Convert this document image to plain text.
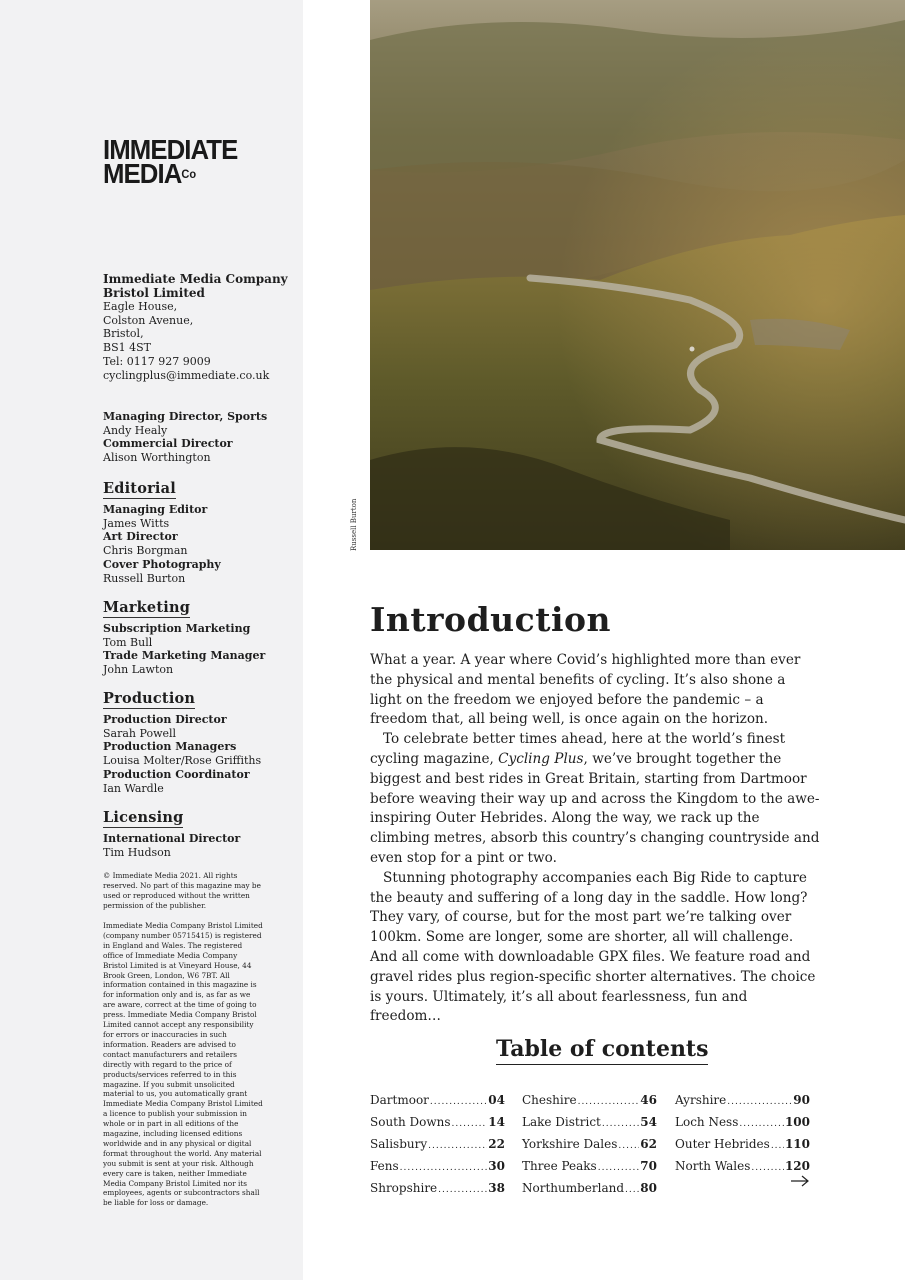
IMMEDIATE
$MEDIA^{Co}$
Immediate Media Company Bristol Limited
Eagle House,
Colston Avenue,
Bristol,
BS1 4ST
Tel: 0117 927 9009
cyclingplus@immediate.co.uk
Managing Director, Sports
Andy Healy
Commercial Director
Alison Worthington
Editorial
Managing Editor
James Witts
Art Director
Chris Borgman
Cover Photography
Russell Burton
Marketing
Subscription Marketing
Tom Bull
Trade Marketing Manager
John Lawton
Production
Production Director
Sarah Powell
Production Managers
Louisa Molter/Rose Griffiths
Production Coordinator
Ian Wardle
Licensing
International Director
Tim Hudson
© Immediate Media 2021. All rights reserved. No part of this magazine may be used or reproduced without the written permission of the publisher.
Immediate Media Company Bristol Limited (company number 05715415) is registered in England and Wales. The registered office of Immediate Media Company Bristol Limited is at Vineyard House, 44 Brook Green, London, W6 7BT. All information contained in this magazine is for information only and is, as far as we are aware, correct at the time of going to press. Immediate Media Company Bristol Limited cannot accept any responsibility for errors or inaccuracies in such information. Readers are advised to contact manufacturers and retailers directly with regard to the price of products/services referred to in this magazine. If you submit unsolicited material to us, you automatically grant Immediate Media Company Bristol Limited a licence to publish your submission in whole or in part in all editions of the magazine, including licensed editions worldwide and in any physical or digital format throughout the world. Any material you submit is sent at your risk. Although every care is taken, neither Immediate Media Company Bristol Limited nor its employees, agents or subcontractors shall be liable for loss or damage.
Russell Burton
Introduction

What a year. A year where Covid’s highlighted more than ever the physical and mental benefits of cycling. It’s also shone a light on the freedom we enjoyed before the pandemic – a freedom that, all being well, is once again on the horizon.

To celebrate better times ahead, here at the world’s finest cycling magazine, Cycling Plus, we’ve brought together the biggest and best rides in Great Britain, starting from Dartmoor before weaving their way up and across the Kingdom to the awe-inspiring Outer Hebrides. Along the way, we rack up the climbing metres, absorb this country’s changing countryside and even stop for a pint or two.

Stunning photography accompanies each Big Ride to capture the beauty and suffering of a long day in the saddle. How long? They vary, of course, but for the most part we’re talking over 100km. Some are longer, some are shorter, all will challenge. And all come with downloadable GPX files. We feature road and gravel rides plus region-specific shorter alternatives. The choice is yours. Ultimately, it’s all about fearlessness, fun and freedom…

Table of contents
Dartmoor .....	04
South Downs .....	14
Salisbury .....	22
Fens .....	30
Shropshire .....	38
Cheshire .....	46
Lake District .....	54
Yorkshire Dales ..... 62
Three Peaks .....	70
Northumberland ..... 80
Ayrshire .....	90
Loch Ness .....	100
Outer Hebrides ..... 110
North Wales .....	120
